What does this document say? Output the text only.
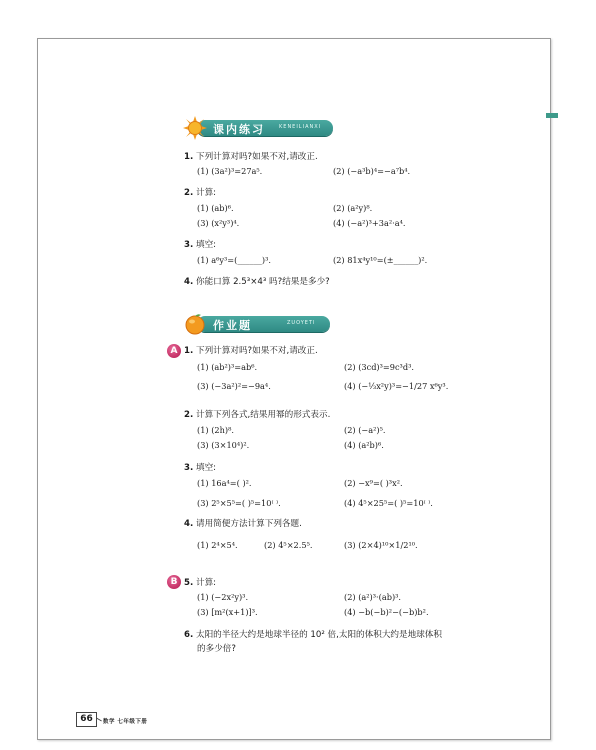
课内练习	KENEILIANXI
1. 下列计算对吗?如果不对,请改正.
(1) (3a²)³=27a⁵.	(2) (−a³b)⁴=−a⁷b⁴.
2. 计算:
(1) (ab)⁶.	(2) (a²y)⁸.
(3) (x²y³)⁴.	(4) (−a²)³+3a²·a⁴.
3. 填空:
(1) a⁶y³=(______)³.	(2) 81x⁴y¹⁰=(±______)².
4. 你能口算 2.5³×4³ 吗?结果是多少?
作业题	ZUOYETI
A 1. 下列计算对吗?如果不对,请改正.
(1) (ab²)³=ab⁶.	(2) (3cd)³=9c³d³.
(3) (−3a²)²=−9a⁴.	(4) (−⅓x²y)³=−1/27 x⁶y³.
2. 计算下列各式,结果用幂的形式表示.
(1) (2h)⁸.	(2) (−a²)⁵.
(3) (3×10⁴)².	(4) (a²b)⁶.
3. 填空:
(1) 16a⁴=( )².	(2) −x⁹=( )³x².
(3) 2⁵×5⁵=( )⁵=10⁽ ⁾.	(4) 4⁵×25⁵=( )⁵=10⁽ ⁾.
4. 请用简便方法计算下列各题.
(1) 2⁴×5⁴.	(2) 4⁵×2.5⁵.	(3) (2×4)¹⁰×1/2¹⁰.
B 5. 计算:
(1) (−2x²y)³.	(2) (a²)³·(ab)³.
(3) [m²(x+1)]³.	(4) −b(−b)²−(−b)b².
6. 太阳的半径大约是地球半径的 10² 倍,太阳的体积大约是地球体积
的多少倍?
66	数学 七年级下册
